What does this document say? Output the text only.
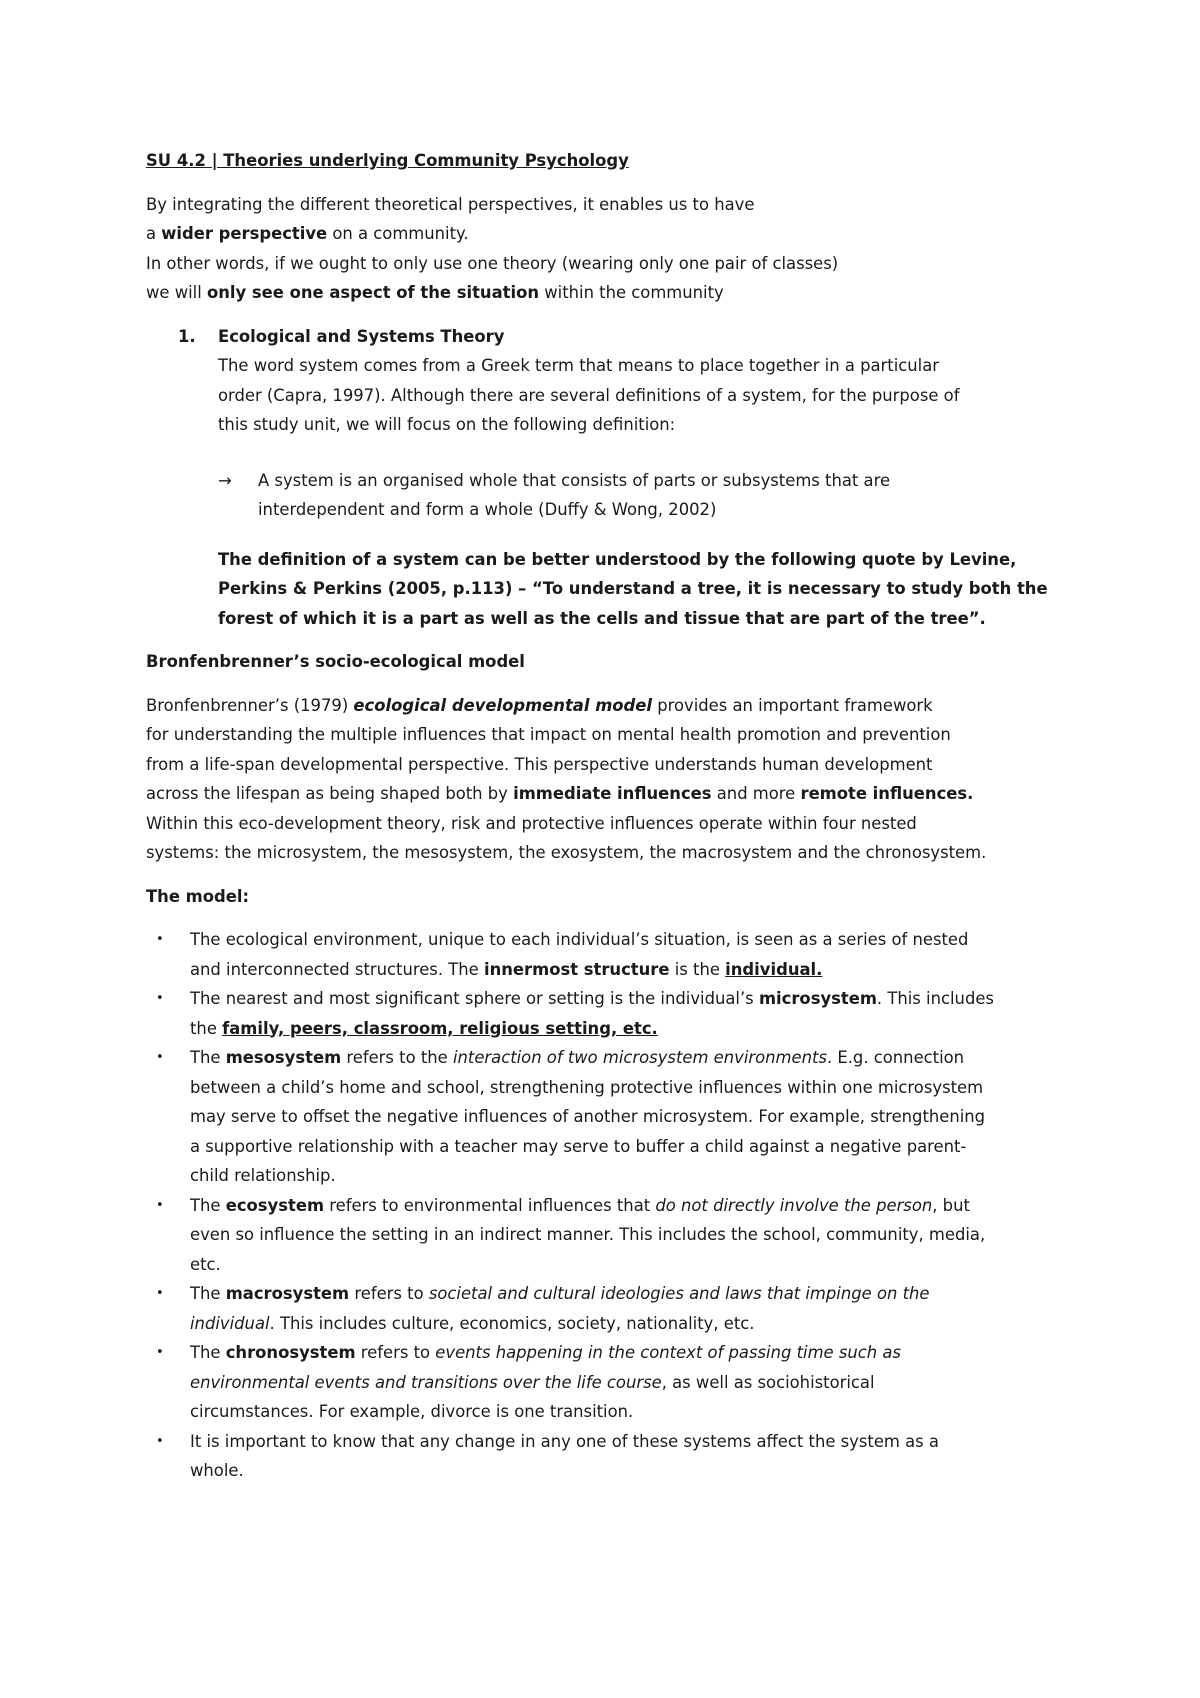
SU 4.2 | Theories underlying Community Psychology
By integrating the different theoretical perspectives, it enables us to have
a wider perspective on a community.
In other words, if we ought to only use one theory (wearing only one pair of classes)
we will only see one aspect of the situation within the community
1. Ecological and Systems Theory
The word system comes from a Greek term that means to place together in a particular
order (Capra, 1997). Although there are several definitions of a system, for the purpose of
this study unit, we will focus on the following definition:
→ A system is an organised whole that consists of parts or subsystems that are
interdependent and form a whole (Duffy & Wong, 2002)
The definition of a system can be better understood by the following quote by Levine,
Perkins & Perkins (2005, p.113) – “To understand a tree, it is necessary to study both the
forest of which it is a part as well as the cells and tissue that are part of the tree”.
Bronfenbrenner’s socio-ecological model
Bronfenbrenner’s (1979) ecological developmental model provides an important framework
for understanding the multiple influences that impact on mental health promotion and prevention
from a life-span developmental perspective. This perspective understands human development
across the lifespan as being shaped both by immediate influences and more remote influences.
Within this eco-development theory, risk and protective influences operate within four nested
systems: the microsystem, the mesosystem, the exosystem, the macrosystem and the chronosystem.
The model:
• The ecological environment, unique to each individual’s situation, is seen as a series of nested
and interconnected structures. The innermost structure is the individual.
• The nearest and most significant sphere or setting is the individual’s microsystem. This includes
the family, peers, classroom, religious setting, etc.
• The mesosystem refers to the interaction of two microsystem environments. E.g. connection
between a child’s home and school, strengthening protective influences within one microsystem
may serve to offset the negative influences of another microsystem. For example, strengthening
a supportive relationship with a teacher may serve to buffer a child against a negative parent-
child relationship.
• The ecosystem refers to environmental influences that do not directly involve the person, but
even so influence the setting in an indirect manner. This includes the school, community, media,
etc.
• The macrosystem refers to societal and cultural ideologies and laws that impinge on the
individual. This includes culture, economics, society, nationality, etc.
• The chronosystem refers to events happening in the context of passing time such as
environmental events and transitions over the life course, as well as sociohistorical
circumstances. For example, divorce is one transition.
• It is important to know that any change in any one of these systems affect the system as a
whole.
